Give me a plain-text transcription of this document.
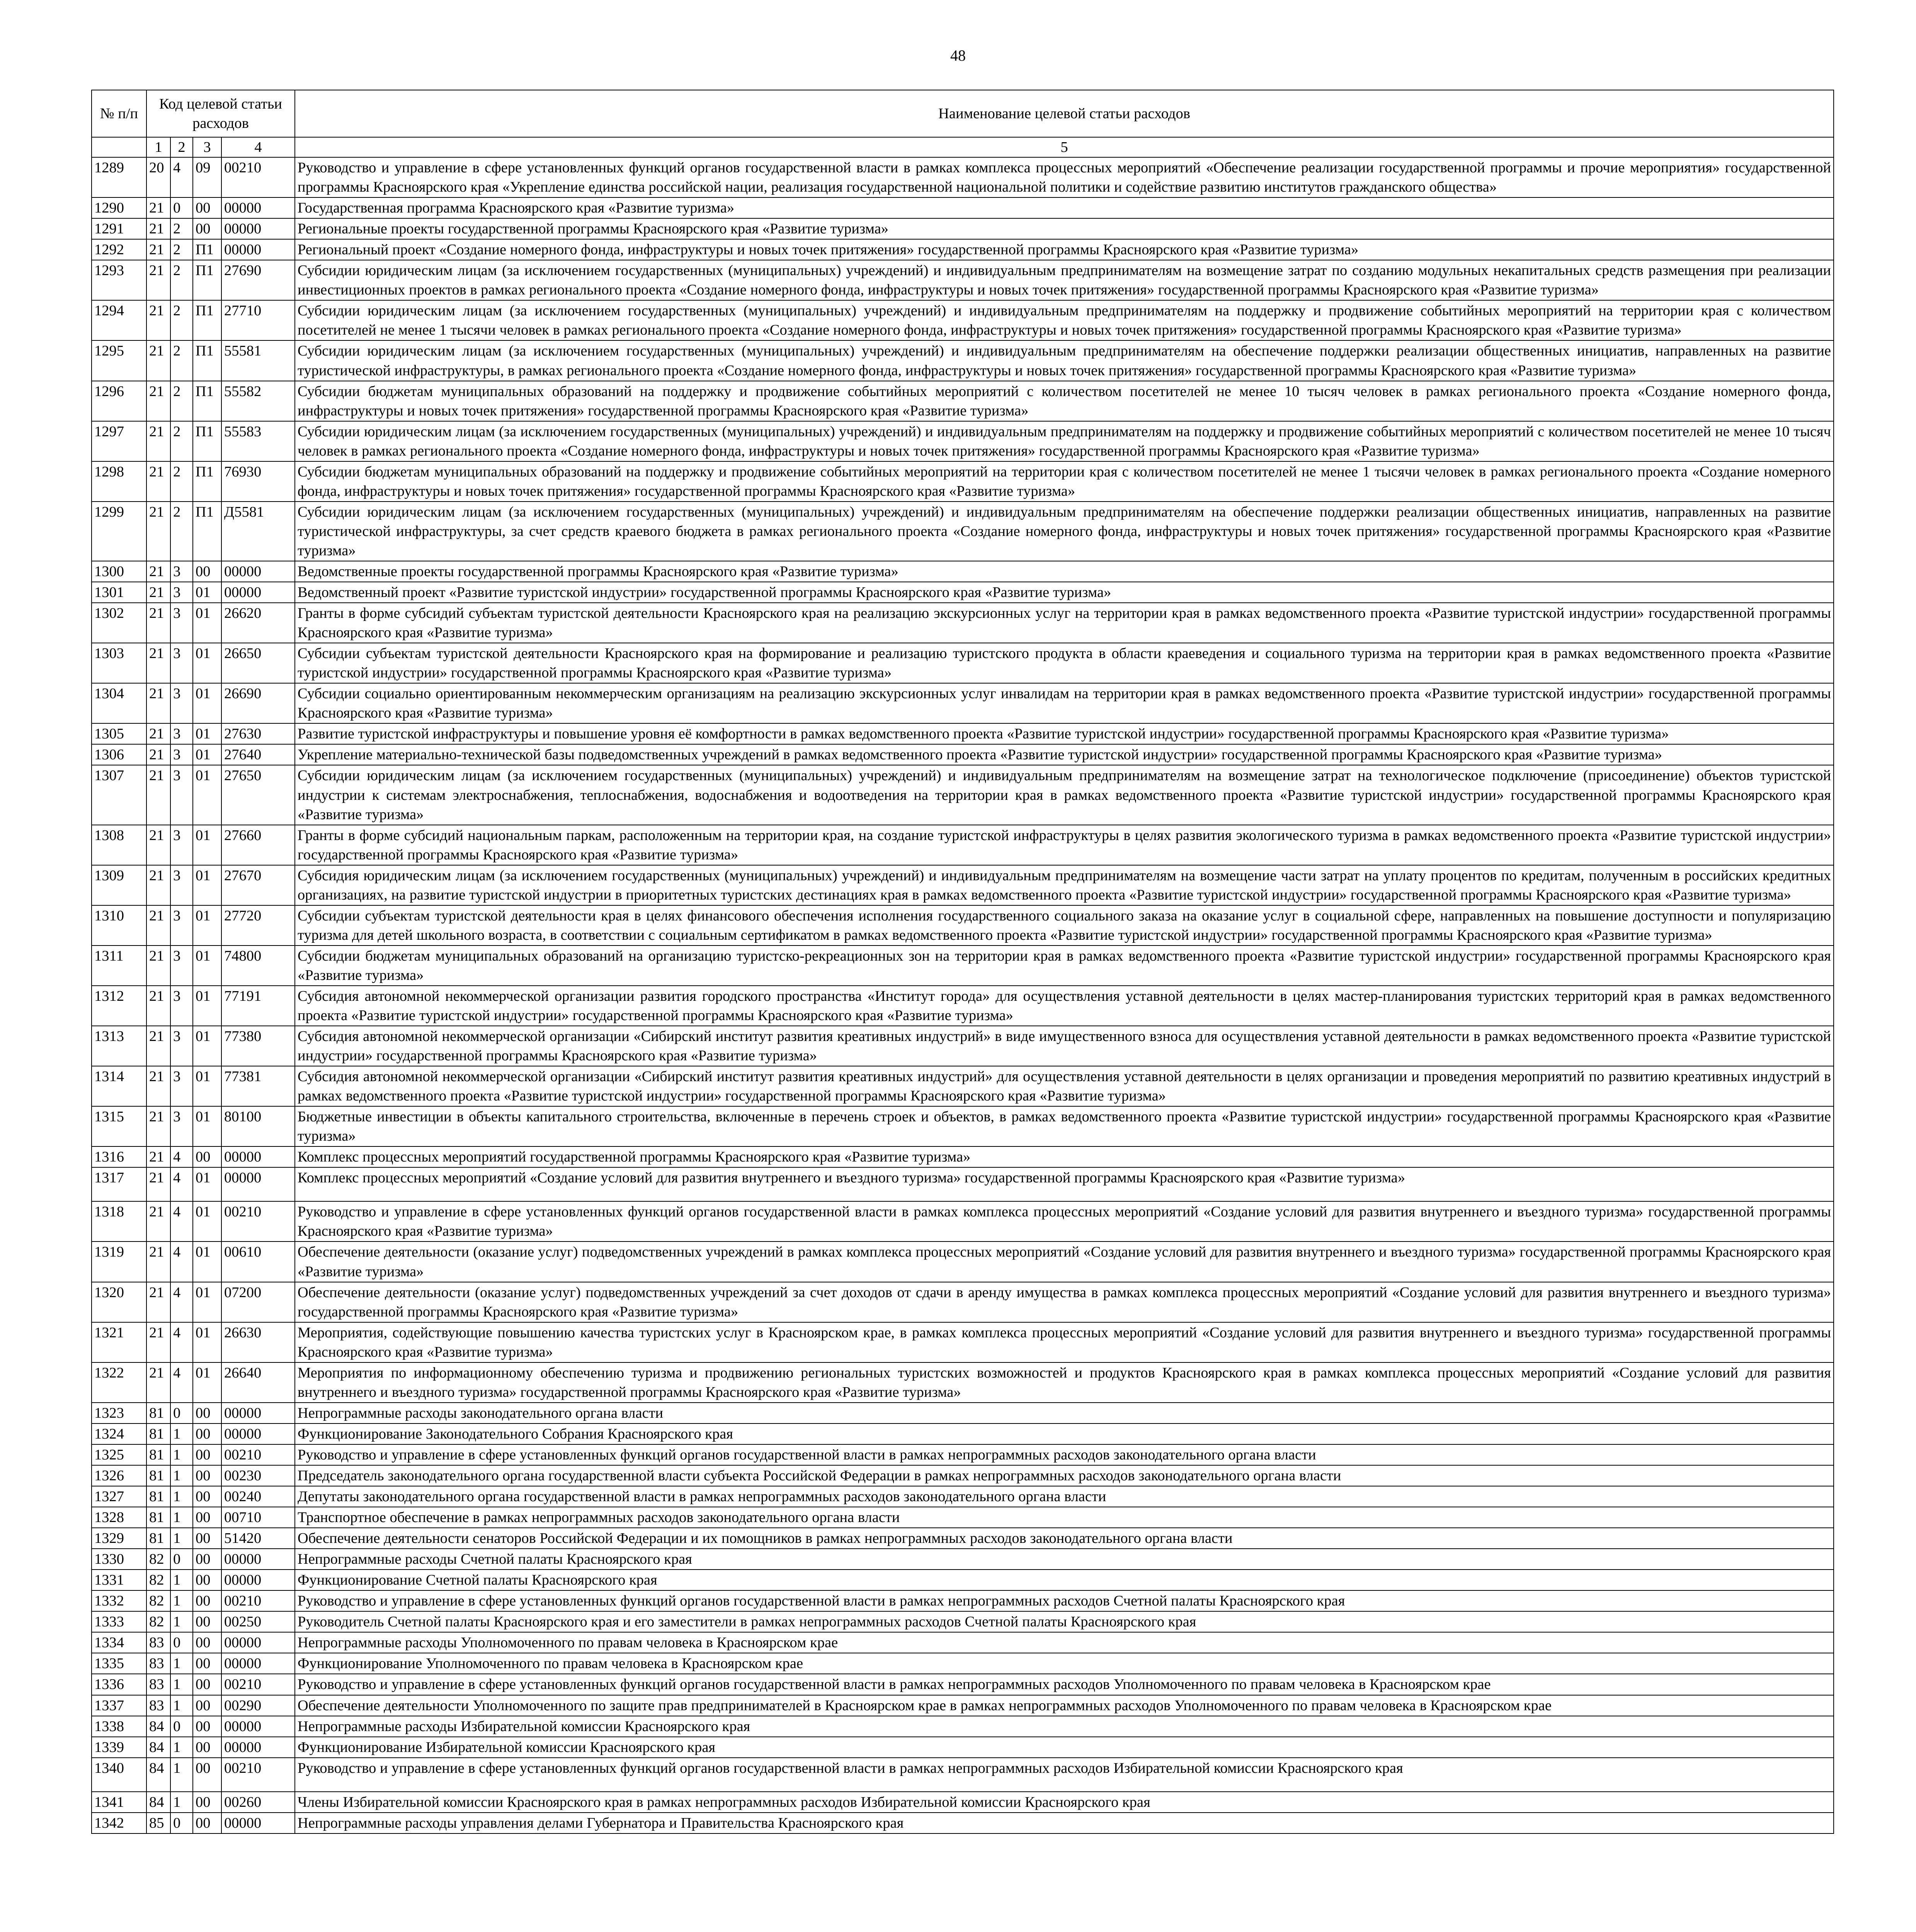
48
№ п/п	Код целевой статьи расходов				Наименование целевой статьи расходов
	1	2	3	4	5
1289	20	4	09	00210	Руководство и управление в сфере установленных функций органов государственной власти в рамках комплекса процессных мероприятий «Обеспечение реализации государственной программы и прочие мероприятия» государственной программы Красноярского края «Укрепление единства российской нации, реализация государственной национальной политики и содействие развитию институтов гражданского общества»
1290	21	0	00	00000	Государственная программа Красноярского края «Развитие туризма»
1291	21	2	00	00000	Региональные проекты государственной программы Красноярского края «Развитие туризма»
1292	21	2	П1	00000	Региональный проект «Создание номерного фонда, инфраструктуры и новых точек притяжения» государственной программы Красноярского края «Развитие туризма»
1293	21	2	П1	27690	Субсидии юридическим лицам (за исключением государственных (муниципальных) учреждений) и индивидуальным предпринимателям на возмещение затрат по созданию модульных некапитальных средств размещения при реализации инвестиционных проектов в рамках регионального проекта «Создание номерного фонда, инфраструктуры и новых точек притяжения» государственной программы Красноярского края «Развитие туризма»
1294	21	2	П1	27710	Субсидии юридическим лицам (за исключением государственных (муниципальных) учреждений) и индивидуальным предпринимателям на поддержку и продвижение событийных мероприятий на территории края с количеством посетителей не менее 1 тысячи человек в рамках регионального проекта «Создание номерного фонда, инфраструктуры и новых точек притяжения» государственной программы Красноярского края «Развитие туризма»
1295	21	2	П1	55581	Субсидии юридическим лицам (за исключением государственных (муниципальных) учреждений) и индивидуальным предпринимателям на обеспечение поддержки реализации общественных инициатив, направленных на развитие туристической инфраструктуры, в рамках регионального проекта «Создание номерного фонда, инфраструктуры и новых точек притяжения» государственной программы Красноярского края «Развитие туризма»
1296	21	2	П1	55582	Субсидии бюджетам муниципальных образований на поддержку и продвижение событийных мероприятий с количеством посетителей не менее 10 тысяч человек в рамках регионального проекта «Создание номерного фонда, инфраструктуры и новых точек притяжения» государственной программы Красноярского края «Развитие туризма»
1297	21	2	П1	55583	Субсидии юридическим лицам (за исключением государственных (муниципальных) учреждений) и индивидуальным предпринимателям на поддержку и продвижение событийных мероприятий с количеством посетителей не менее 10 тысяч человек в рамках регионального проекта «Создание номерного фонда, инфраструктуры и новых точек притяжения» государственной программы Красноярского края «Развитие туризма»
1298	21	2	П1	76930	Субсидии бюджетам муниципальных образований на поддержку и продвижение событийных мероприятий на территории края с количеством посетителей не менее 1 тысячи человек в рамках регионального проекта «Создание номерного фонда, инфраструктуры и новых точек притяжения» государственной программы Красноярского края «Развитие туризма»
1299	21	2	П1	Д5581	Субсидии юридическим лицам (за исключением государственных (муниципальных) учреждений) и индивидуальным предпринимателям на обеспечение поддержки реализации общественных инициатив, направленных на развитие туристической инфраструктуры, за счет средств краевого бюджета в рамках регионального проекта «Создание номерного фонда, инфраструктуры и новых точек притяжения» государственной программы Красноярского края «Развитие туризма»
1300	21	3	00	00000	Ведомственные проекты государственной программы Красноярского края «Развитие туризма»
1301	21	3	01	00000	Ведомственный проект «Развитие туристской индустрии» государственной программы Красноярского края «Развитие туризма»
1302	21	3	01	26620	Гранты в форме субсидий субъектам туристской деятельности Красноярского края на реализацию экскурсионных услуг на территории края в рамках ведомственного проекта «Развитие туристской индустрии» государственной программы Красноярского края «Развитие туризма»
1303	21	3	01	26650	Субсидии субъектам туристской деятельности Красноярского края на формирование и реализацию туристского продукта в области краеведения и социального туризма на территории края в рамках ведомственного проекта «Развитие туристской индустрии» государственной программы Красноярского края «Развитие туризма»
1304	21	3	01	26690	Субсидии социально ориентированным некоммерческим организациям на реализацию экскурсионных услуг инвалидам на территории края в рамках ведомственного проекта «Развитие туристской индустрии» государственной программы Красноярского края «Развитие туризма»
1305	21	3	01	27630	Развитие туристской инфраструктуры и повышение уровня её комфортности в рамках ведомственного проекта «Развитие туристской индустрии» государственной программы Красноярского края «Развитие туризма»
1306	21	3	01	27640	Укрепление материально-технической базы подведомственных учреждений в рамках ведомственного проекта «Развитие туристской индустрии» государственной программы Красноярского края «Развитие туризма»
1307	21	3	01	27650	Субсидии юридическим лицам (за исключением государственных (муниципальных) учреждений) и индивидуальным предпринимателям на возмещение затрат на технологическое подключение (присоединение) объектов туристской индустрии к системам электроснабжения, теплоснабжения, водоснабжения и водоотведения на территории края в рамках ведомственного проекта «Развитие туристской индустрии» государственной программы Красноярского края «Развитие туризма»
1308	21	3	01	27660	Гранты в форме субсидий национальным паркам, расположенным на территории края, на создание туристской инфраструктуры в целях развития экологического туризма в рамках ведомственного проекта «Развитие туристской индустрии» государственной программы Красноярского края «Развитие туризма»
1309	21	3	01	27670	Субсидия юридическим лицам (за исключением государственных (муниципальных) учреждений) и индивидуальным предпринимателям на возмещение части затрат на уплату процентов по кредитам, полученным в российских кредитных организациях, на развитие туристской индустрии в приоритетных туристских дестинациях края в рамках ведомственного проекта «Развитие туристской индустрии» государственной программы Красноярского края «Развитие туризма»
1310	21	3	01	27720	Субсидии субъектам туристской деятельности края в целях финансового обеспечения исполнения государственного социального заказа на оказание услуг в социальной сфере, направленных на повышение доступности и популяризацию туризма для детей школьного возраста, в соответствии с социальным сертификатом в рамках ведомственного проекта «Развитие туристской индустрии» государственной программы Красноярского края «Развитие туризма»
1311	21	3	01	74800	Субсидии бюджетам муниципальных образований на организацию туристско-рекреационных зон на территории края в рамках ведомственного проекта «Развитие туристской индустрии» государственной программы Красноярского края «Развитие туризма»
1312	21	3	01	77191	Субсидия автономной некоммерческой организации развития городского пространства «Институт города» для осуществления уставной деятельности в целях мастер-планирования туристских территорий края в рамках ведомственного проекта «Развитие туристской индустрии» государственной программы Красноярского края «Развитие туризма»
1313	21	3	01	77380	Субсидия автономной некоммерческой организации «Сибирский институт развития креативных индустрий» в виде имущественного взноса для осуществления уставной деятельности в рамках ведомственного проекта «Развитие туристской индустрии» государственной программы Красноярского края «Развитие туризма»
1314	21	3	01	77381	Субсидия автономной некоммерческой организации «Сибирский институт развития креативных индустрий» для осуществления уставной деятельности в целях организации и проведения мероприятий по развитию креативных индустрий в рамках ведомственного проекта «Развитие туристской индустрии» государственной программы Красноярского края «Развитие туризма»
1315	21	3	01	80100	Бюджетные инвестиции в объекты капитального строительства, включенные в перечень строек и объектов, в рамках ведомственного проекта «Развитие туристской индустрии» государственной программы Красноярского края «Развитие туризма»
1316	21	4	00	00000	Комплекс процессных мероприятий государственной программы Красноярского края «Развитие туризма»
1317	21	4	01	00000	Комплекс процессных мероприятий «Создание условий для развития внутреннего и въездного туризма» государственной программы Красноярского края «Развитие туризма»
1318	21	4	01	00210	Руководство и управление в сфере установленных функций органов государственной власти в рамках комплекса процессных мероприятий «Создание условий для развития внутреннего и въездного туризма» государственной программы Красноярского края «Развитие туризма»
1319	21	4	01	00610	Обеспечение деятельности (оказание услуг) подведомственных учреждений в рамках комплекса процессных мероприятий «Создание условий для развития внутреннего и въездного туризма» государственной программы Красноярского края «Развитие туризма»
1320	21	4	01	07200	Обеспечение деятельности (оказание услуг) подведомственных учреждений за счет доходов от сдачи в аренду имущества в рамках комплекса процессных мероприятий «Создание условий для развития внутреннего и въездного туризма» государственной программы Красноярского края «Развитие туризма»
1321	21	4	01	26630	Мероприятия, содействующие повышению качества туристских услуг в Красноярском крае, в рамках комплекса процессных мероприятий «Создание условий для развития внутреннего и въездного туризма» государственной программы Красноярского края «Развитие туризма»
1322	21	4	01	26640	Мероприятия по информационному обеспечению туризма и продвижению региональных туристских возможностей и продуктов Красноярского края в рамках комплекса процессных мероприятий «Создание условий для развития внутреннего и въездного туризма» государственной программы Красноярского края «Развитие туризма»
1323	81	0	00	00000	Непрограммные расходы законодательного органа власти
1324	81	1	00	00000	Функционирование Законодательного Собрания Красноярского края
1325	81	1	00	00210	Руководство и управление в сфере установленных функций органов государственной власти в рамках непрограммных расходов законодательного органа власти
1326	81	1	00	00230	Председатель законодательного органа государственной власти субъекта Российской Федерации в рамках непрограммных расходов законодательного органа власти
1327	81	1	00	00240	Депутаты законодательного органа государственной власти в рамках непрограммных расходов законодательного органа власти
1328	81	1	00	00710	Транспортное обеспечение в рамках непрограммных расходов законодательного органа власти
1329	81	1	00	51420	Обеспечение деятельности сенаторов Российской Федерации и их помощников в рамках непрограммных расходов законодательного органа власти
1330	82	0	00	00000	Непрограммные расходы Счетной палаты Красноярского края
1331	82	1	00	00000	Функционирование Счетной палаты Красноярского края
1332	82	1	00	00210	Руководство и управление в сфере установленных функций органов государственной власти в рамках непрограммных расходов Счетной палаты Красноярского края
1333	82	1	00	00250	Руководитель Счетной палаты Красноярского края и его заместители в рамках непрограммных расходов Счетной палаты Красноярского края
1334	83	0	00	00000	Непрограммные расходы Уполномоченного по правам человека в Красноярском крае
1335	83	1	00	00000	Функционирование Уполномоченного по правам человека в Красноярском крае
1336	83	1	00	00210	Руководство и управление в сфере установленных функций органов государственной власти в рамках непрограммных расходов Уполномоченного по правам человека в Красноярском крае
1337	83	1	00	00290	Обеспечение деятельности Уполномоченного по защите прав предпринимателей в Красноярском крае в рамках непрограммных расходов Уполномоченного по правам человека в Красноярском крае
1338	84	0	00	00000	Непрограммные расходы Избирательной комиссии Красноярского края
1339	84	1	00	00000	Функционирование Избирательной комиссии Красноярского края
1340	84	1	00	00210	Руководство и управление в сфере установленных функций органов государственной власти в рамках непрограммных расходов Избирательной комиссии Красноярского края
1341	84	1	00	00260	Члены Избирательной комиссии Красноярского края в рамках непрограммных расходов Избирательной комиссии Красноярского края
1342	85	0	00	00000	Непрограммные расходы управления делами Губернатора и Правительства Красноярского края
